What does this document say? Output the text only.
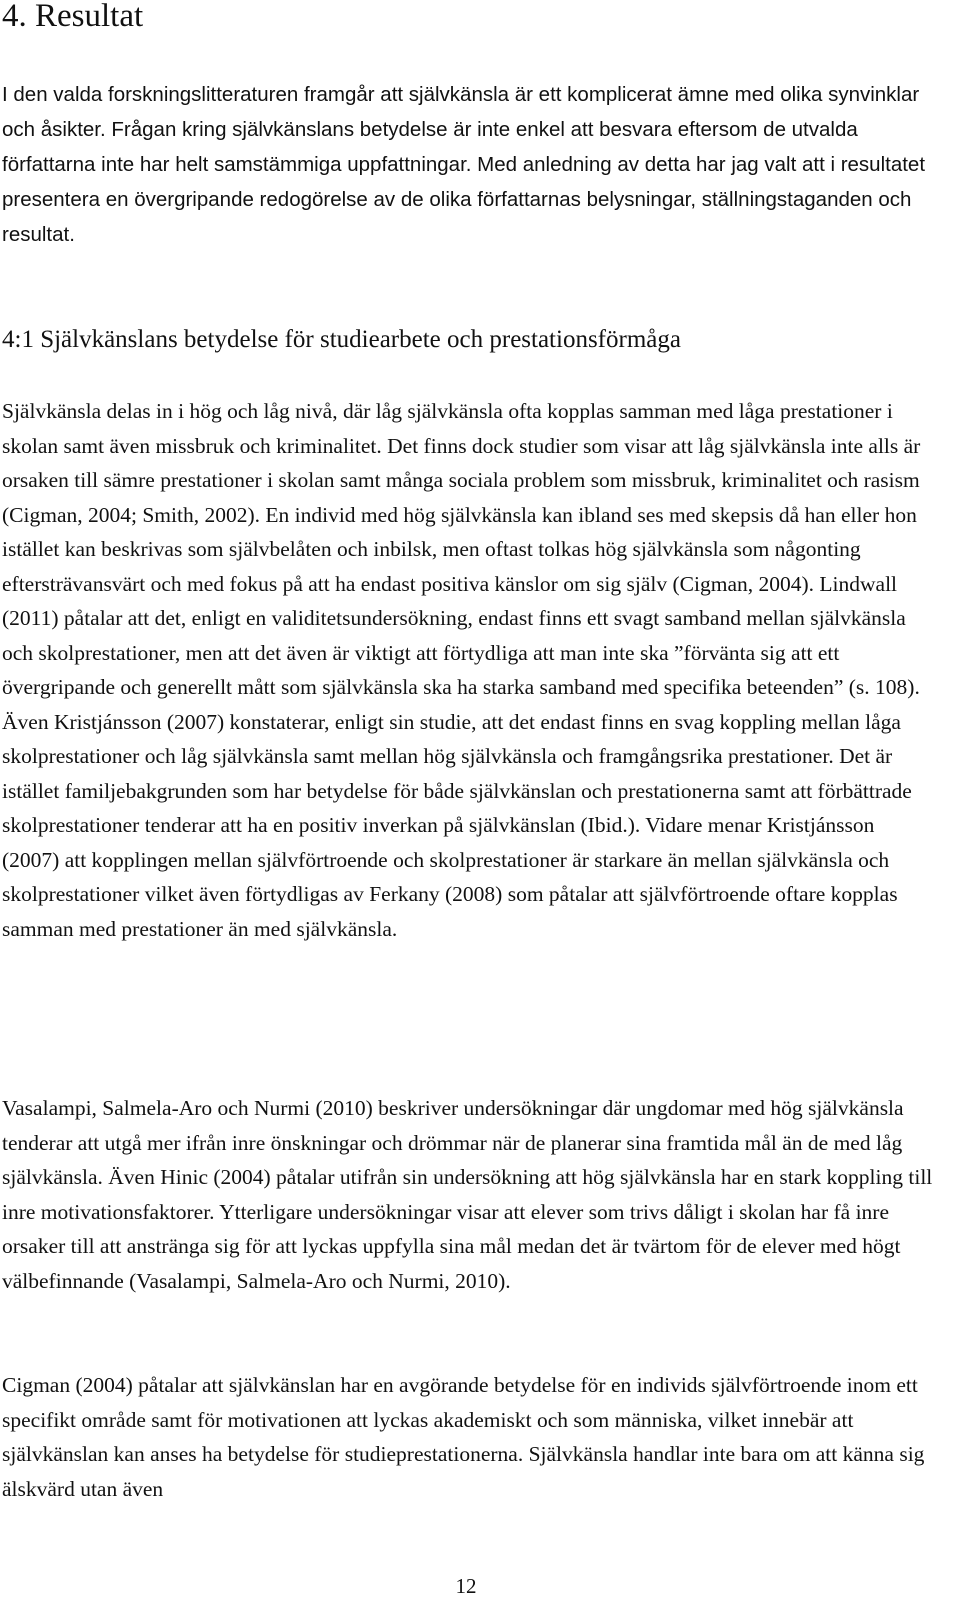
4. Resultat

I den valda forskningslitteraturen framgår att självkänsla är ett komplicerat ämne med olika synvinklar och åsikter. Frågan kring självkänslans betydelse är inte enkel att besvara eftersom de utvalda författarna inte har helt samstämmiga uppfattningar. Med anledning av detta har jag valt att i resultatet presentera en övergripande redogörelse av de olika författarnas belysningar, ställningstaganden och resultat.

4:1 Självkänslans betydelse för studiearbete och prestationsförmåga

Självkänsla delas in i hög och låg nivå, där låg självkänsla ofta kopplas samman med låga prestationer i skolan samt även missbruk och kriminalitet. Det finns dock studier som visar att låg självkänsla inte alls är orsaken till sämre prestationer i skolan samt många sociala problem som missbruk, kriminalitet och rasism (Cigman, 2004; Smith, 2002). En individ med hög självkänsla kan ibland ses med skepsis då han eller hon istället kan beskrivas som självbelåten och inbilsk, men oftast tolkas hög självkänsla som någonting eftersträvansvärt och med fokus på att ha endast positiva känslor om sig själv (Cigman, 2004). Lindwall (2011) påtalar att det, enligt en validitetsundersökning, endast finns ett svagt samband mellan självkänsla och skolprestationer, men att det även är viktigt att förtydliga att man inte ska ”förvänta sig att ett övergripande och generellt mått som självkänsla ska ha starka samband med specifika beteenden” (s. 108). Även Kristjánsson (2007) konstaterar, enligt sin studie, att det endast finns en svag koppling mellan låga skolprestationer och låg självkänsla samt mellan hög självkänsla och framgångsrika prestationer. Det är istället familjebakgrunden som har betydelse för både självkänslan och prestationerna samt att förbättrade skolprestationer tenderar att ha en positiv inverkan på självkänslan (Ibid.). Vidare menar Kristjánsson (2007) att kopplingen mellan självförtroende och skolprestationer är starkare än mellan självkänsla och skolprestationer vilket även förtydligas av Ferkany (2008) som påtalar att självförtroende oftare kopplas samman med prestationer än med självkänsla.

Vasalampi, Salmela-Aro och Nurmi (2010) beskriver undersökningar där ungdomar med hög självkänsla tenderar att utgå mer ifrån inre önskningar och drömmar när de planerar sina framtida mål än de med låg självkänsla. Även Hinic (2004) påtalar utifrån sin undersökning att hög självkänsla har en stark koppling till inre motivationsfaktorer. Ytterligare undersökningar visar att elever som trivs dåligt i skolan har få inre orsaker till att anstränga sig för att lyckas uppfylla sina mål medan det är tvärtom för de elever med högt välbefinnande (Vasalampi, Salmela-Aro och Nurmi, 2010).

Cigman (2004) påtalar att självkänslan har en avgörande betydelse för en individs självförtroende inom ett specifikt område samt för motivationen att lyckas akademiskt och som människa, vilket innebär att självkänslan kan anses ha betydelse för studieprestationerna. Självkänsla handlar inte bara om att känna sig älskvärd utan även

12
